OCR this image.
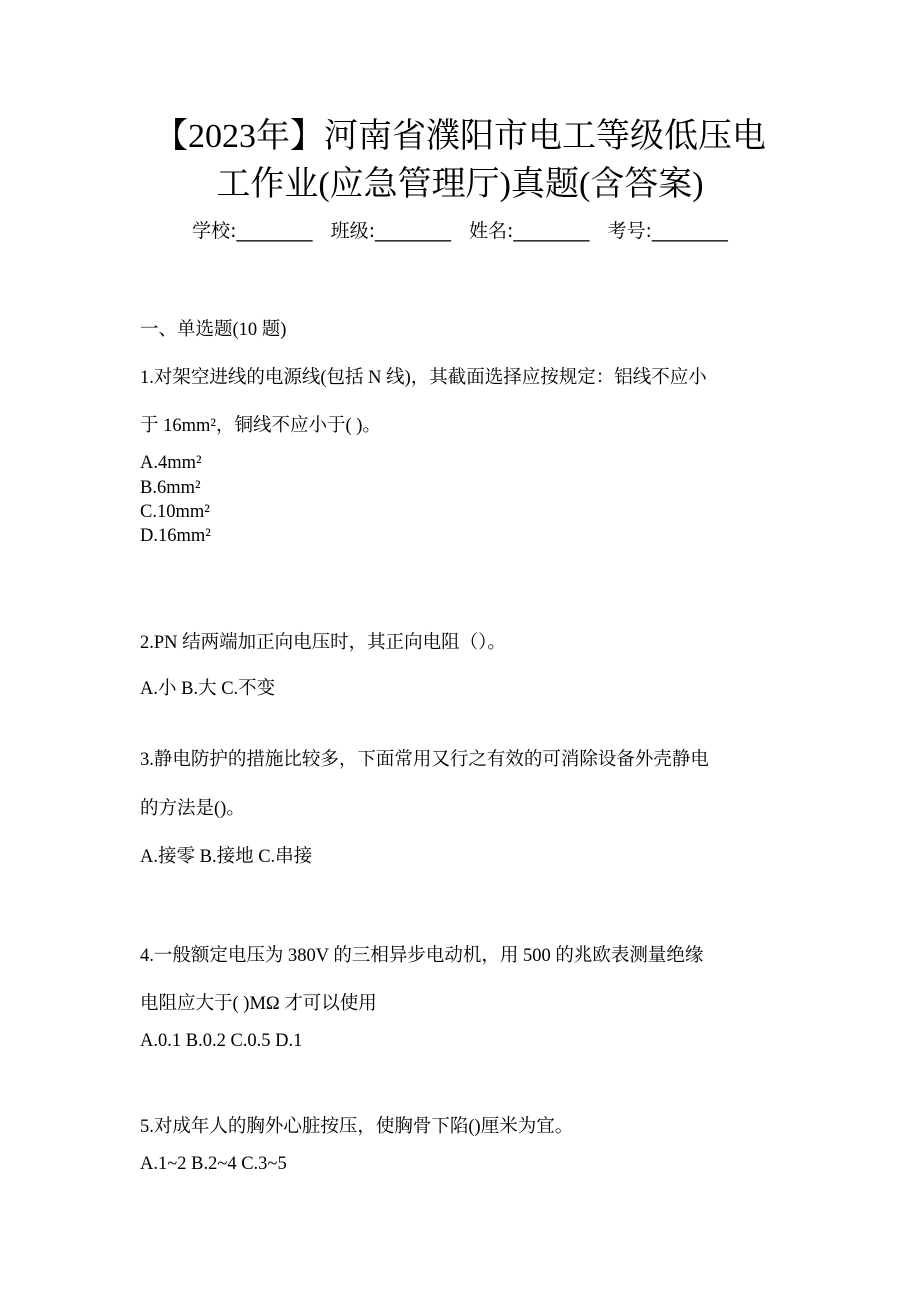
【2023年】河南省濮阳市电工等级低压电
工作业(应急管理厅)真题(含答案)
学校:________ 班级:________ 姓名:________ 考号:________
一、单选题(10 题)
1.对架空进线的电源线(包括 N 线)，其截面选择应按规定：铝线不应小
于 16mm²，铜线不应小于( )。
A.4mm²
B.6mm²
C.10mm²
D.16mm²
2.PN 结两端加正向电压时，其正向电阻（）。
A.小 B.大 C.不变
3.静电防护的措施比较多，下面常用又行之有效的可消除设备外壳静电
的方法是()。
A.接零 B.接地 C.串接
4.一般额定电压为 380V 的三相异步电动机，用 500 的兆欧表测量绝缘
电阻应大于( )MΩ 才可以使用
A.0.1 B.0.2 C.0.5 D.1
5.对成年人的胸外心脏按压，使胸骨下陷()厘米为宜。
A.1~2 B.2~4 C.3~5
